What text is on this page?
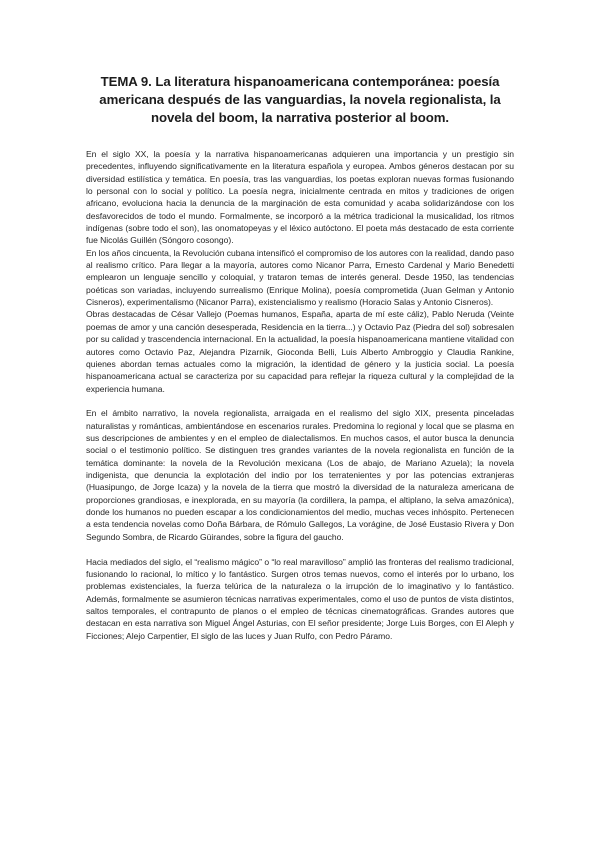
TEMA 9. La literatura hispanoamericana contemporánea: poesía americana después de las vanguardias, la novela regionalista, la novela del boom, la narrativa posterior al boom.

En el siglo XX, la poesía y la narrativa hispanoamericanas adquieren una importancia y un prestigio sin precedentes, influyendo significativamente en la literatura española y europea. Ambos géneros destacan por su diversidad estilística y temática. En poesía, tras las vanguardias, los poetas exploran nuevas formas fusionando lo personal con lo social y político. La poesía negra, inicialmente centrada en mitos y tradiciones de origen africano, evoluciona hacia la denuncia de la marginación de esta comunidad y acaba solidarizándose con los desfavorecidos de todo el mundo. Formalmente, se incorporó a la métrica tradicional la musicalidad, los ritmos indígenas (sobre todo el son), las onomatopeyas y el léxico autóctono. El poeta más destacado de esta corriente fue Nicolás Guillén (Sóngoro cosongo).

En los años cincuenta, la Revolución cubana intensificó el compromiso de los autores con la realidad, dando paso al realismo crítico. Para llegar a la mayoría, autores como Nicanor Parra, Ernesto Cardenal y Mario Benedetti emplearon un lenguaje sencillo y coloquial, y trataron temas de interés general. Desde 1950, las tendencias poéticas son variadas, incluyendo surrealismo (Enrique Molina), poesía comprometida (Juan Gelman y Antonio Cisneros), experimentalismo (Nicanor Parra), existencialismo y realismo (Horacio Salas y Antonio Cisneros).

Obras destacadas de César Vallejo (Poemas humanos, España, aparta de mí este cáliz), Pablo Neruda (Veinte poemas de amor y una canción desesperada, Residencia en la tierra...) y Octavio Paz (Piedra del sol) sobresalen por su calidad y trascendencia internacional. En la actualidad, la poesía hispanoamericana mantiene vitalidad con autores como Octavio Paz, Alejandra Pizarnik, Gioconda Belli, Luis Alberto Ambroggio y Claudia Rankine, quienes abordan temas actuales como la migración, la identidad de género y la justicia social. La poesía hispanoamericana actual se caracteriza por su capacidad para reflejar la riqueza cultural y la complejidad de la experiencia humana.

En el ámbito narrativo, la novela regionalista, arraigada en el realismo del siglo XIX, presenta pinceladas naturalistas y románticas, ambientándose en escenarios rurales. Predomina lo regional y local que se plasma en sus descripciones de ambientes y en el empleo de dialectalismos. En muchos casos, el autor busca la denuncia social o el testimonio político. Se distinguen tres grandes variantes de la novela regionalista en función de la temática dominante: la novela de la Revolución mexicana (Los de abajo, de Mariano Azuela); la novela indigenista, que denuncia la explotación del indio por los terratenientes y por las potencias extranjeras (Huasipungo, de Jorge Icaza) y la novela de la tierra que mostró la diversidad de la naturaleza americana de proporciones grandiosas, e inexplorada, en su mayoría (la cordillera, la pampa, el altiplano, la selva amazónica), donde los humanos no pueden escapar a los condicionamientos del medio, muchas veces inhóspito. Pertenecen a esta tendencia novelas como Doña Bárbara, de Rómulo Gallegos, La vorágine, de José Eustasio Rivera y Don Segundo Sombra, de Ricardo Güirandes, sobre la figura del gaucho.

Hacia mediados del siglo, el “realismo mágico” o “lo real maravilloso” amplió las fronteras del realismo tradicional, fusionando lo racional, lo mítico y lo fantástico. Surgen otros temas nuevos, como el interés por lo urbano, los problemas existenciales, la fuerza telúrica de la naturaleza o la irrupción de lo imaginativo y lo fantástico. Además, formalmente se asumieron técnicas narrativas experimentales, como el uso de puntos de vista distintos, saltos temporales, el contrapunto de planos o el empleo de técnicas cinematográficas. Grandes autores que destacan en esta narrativa son Miguel Ángel Asturias, con El señor presidente; Jorge Luis Borges, con El Aleph y Ficciones; Alejo Carpentier, El siglo de las luces y Juan Rulfo, con Pedro Páramo.
